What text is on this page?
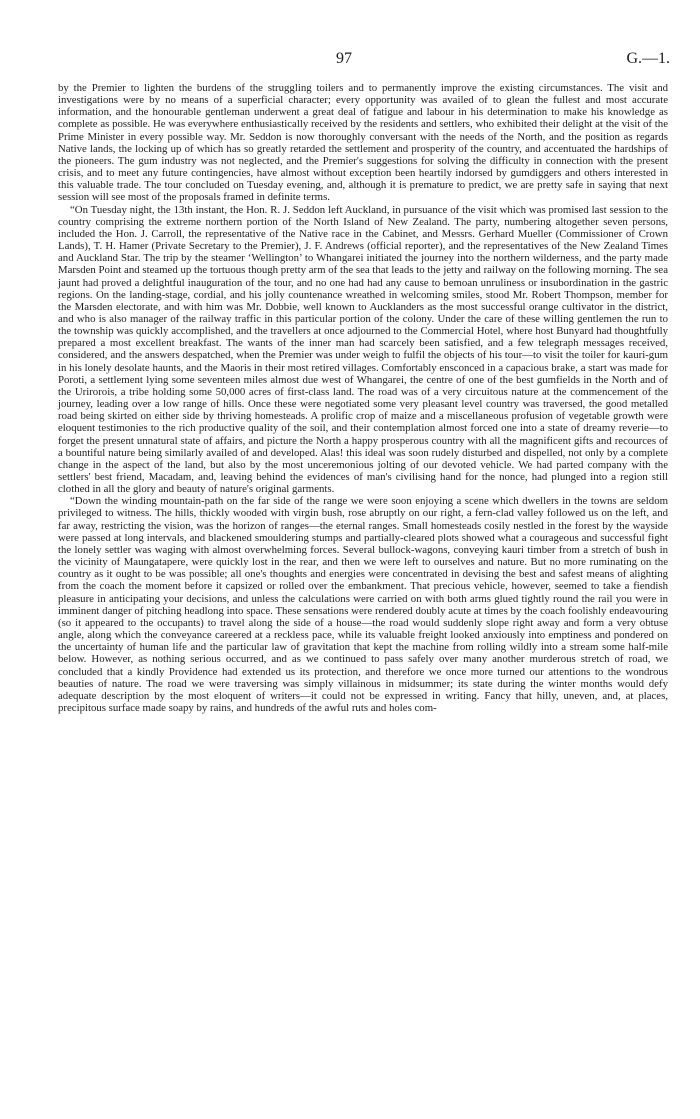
97	G.—1.

by the Premier to lighten the burdens of the struggling toilers and to permanently improve the existing circumstances. The visit and investigations were by no means of a superficial character; every opportunity was availed of to glean the fullest and most accurate information, and the honourable gentleman underwent a great deal of fatigue and labour in his determination to make his knowledge as complete as possible. He was everywhere enthusiastically received by the residents and settlers, who exhibited their delight at the visit of the Prime Minister in every possible way. Mr. Seddon is now thoroughly conversant with the needs of the North, and the position as regards Native lands, the locking up of which has so greatly retarded the settlement and prosperity of the country, and accentuated the hardships of the pioneers. The gum industry was not neglected, and the Premier's suggestions for solving the difficulty in connection with the present crisis, and to meet any future contingencies, have almost without exception been heartily indorsed by gumdiggers and others interested in this valuable trade. The tour concluded on Tuesday evening, and, although it is premature to predict, we are pretty safe in saying that next session will see most of the proposals framed in definite terms.

“On Tuesday night, the 13th instant, the Hon. R. J. Seddon left Auckland, in pursuance of the visit which was promised last session to the country comprising the extreme northern portion of the North Island of New Zealand. The party, numbering altogether seven persons, included the Hon. J. Carroll, the representative of the Native race in the Cabinet, and Messrs. Gerhard Mueller (Commissioner of Crown Lands), T. H. Hamer (Private Secretary to the Premier), J. F. Andrews (official reporter), and the representatives of the New Zealand Times and Auckland Star. The trip by the steamer ‘Wellington’ to Whangarei initiated the journey into the northern wilderness, and the party made Marsden Point and steamed up the tortuous though pretty arm of the sea that leads to the jetty and railway on the following morning. The sea jaunt had proved a delightful inauguration of the tour, and no one had had any cause to bemoan unruliness or insubordination in the gastric regions. On the landing-stage, cordial, and his jolly countenance wreathed in welcoming smiles, stood Mr. Robert Thompson, member for the Marsden electorate, and with him was Mr. Dobbie, well known to Aucklanders as the most successful orange cultivator in the district, and who is also manager of the railway traffic in this particular portion of the colony. Under the care of these willing gentlemen the run to the township was quickly accomplished, and the travellers at once adjourned to the Commercial Hotel, where host Bunyard had thoughtfully prepared a most excellent breakfast. The wants of the inner man had scarcely been satisfied, and a few telegraph messages received, considered, and the answers despatched, when the Premier was under weigh to fulfil the objects of his tour—to visit the toiler for kauri-gum in his lonely desolate haunts, and the Maoris in their most retired villages. Comfortably ensconced in a capacious brake, a start was made for Poroti, a settlement lying some seventeen miles almost due west of Whangarei, the centre of one of the best gumfields in the North and of the Urirorois, a tribe holding some 50,000 acres of first-class land. The road was of a very circuitous nature at the commencement of the journey, leading over a low range of hills. Once these were negotiated some very pleasant level country was traversed, the good metalled road being skirted on either side by thriving homesteads. A prolific crop of maize and a miscellaneous profusion of vegetable growth were eloquent testimonies to the rich productive quality of the soil, and their contemplation almost forced one into a state of dreamy reverie—to forget the present unnatural state of affairs, and picture the North a happy prosperous country with all the magnificent gifts and recources of a bountiful nature being similarly availed of and developed. Alas! this ideal was soon rudely disturbed and dispelled, not only by a complete change in the aspect of the land, but also by the most unceremonious jolting of our devoted vehicle. We had parted company with the settlers' best friend, Macadam, and, leaving behind the evidences of man's civilising hand for the nonce, had plunged into a region still clothed in all the glory and beauty of nature's original garments.

“Down the winding mountain-path on the far side of the range we were soon enjoying a scene which dwellers in the towns are seldom privileged to witness. The hills, thickly wooded with virgin bush, rose abruptly on our right, a fern-clad valley followed us on the left, and far away, restricting the vision, was the horizon of ranges—the eternal ranges. Small homesteads cosily nestled in the forest by the wayside were passed at long intervals, and blackened smouldering stumps and partially-cleared plots showed what a courageous and successful fight the lonely settler was waging with almost overwhelming forces. Several bullock-wagons, conveying kauri timber from a stretch of bush in the vicinity of Maungatapere, were quickly lost in the rear, and then we were left to ourselves and nature. But no more ruminating on the country as it ought to be was possible; all one's thoughts and energies were concentrated in devising the best and safest means of alighting from the coach the moment before it capsized or rolled over the embankment. That precious vehicle, however, seemed to take a fiendish pleasure in anticipating your decisions, and unless the calculations were carried on with both arms glued tightly round the rail you were in imminent danger of pitching headlong into space. These sensations were rendered doubly acute at times by the coach foolishly endeavouring (so it appeared to the occupants) to travel along the side of a house—the road would suddenly slope right away and form a very obtuse angle, along which the conveyance careered at a reckless pace, while its valuable freight looked anxiously into emptiness and pondered on the uncertainty of human life and the particular law of gravitation that kept the machine from rolling wildly into a stream some half-mile below. However, as nothing serious occurred, and as we continued to pass safely over many another murderous stretch of road, we concluded that a kindly Providence had extended us its protection, and therefore we once more turned our attentions to the wondrous beauties of nature. The road we were traversing was simply villainous in midsummer; its state during the winter months would defy adequate description by the most eloquent of writers—it could not be expressed in writing. Fancy that hilly, uneven, and, at places, precipitous surface made soapy by rains, and hundreds of the awful ruts and holes com-
